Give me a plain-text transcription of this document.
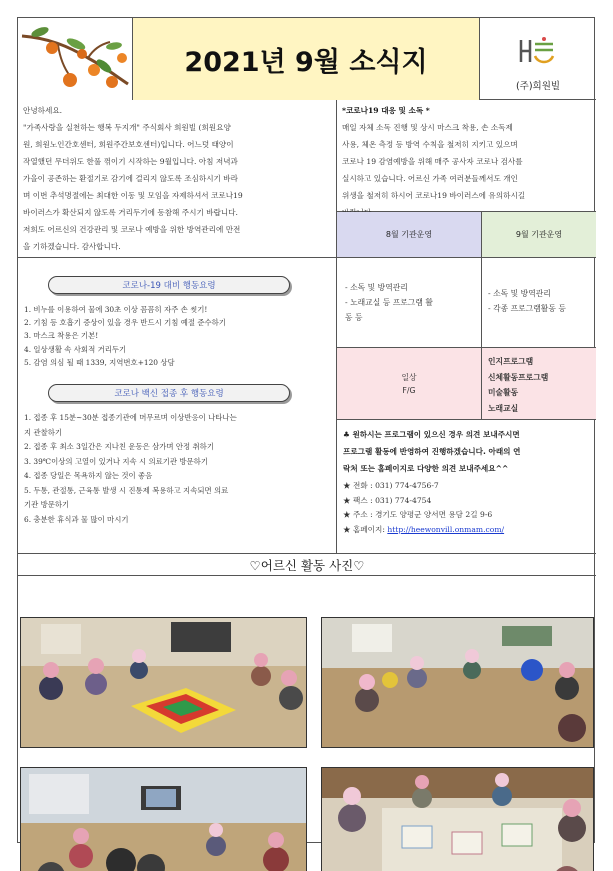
2021년 9월 소식지
(주)희원빌
안녕하세요.
"가족사랑을 실천하는 행복 두지개" 주식회사 희원빌 (희원요양
원, 희원노인간호센터, 희원주간보호센터)입니다. 어느덧 태양이
작열했던 무더위도 한풀 꺾이기 시작하는 9월입니다. 아침 저녁과
가을이 공존하는 환절기로 감기에 걸리지 않도록 조심하시기 바라
며 이번 추석명절에는 최대한 이동 및 모임을 자제하셔서 코로나19
바이러스가 확산되지 않도록 거리두기에 동참해 주시기 바랍니다.
저희도 어르신의 건강관리 및 코로나 예방을 위한 방역관리에 만전
을 기하겠습니다. 감사합니다.
*코로나19 대응 및 소독 *
매일 자체 소독 진행 및 상시 마스크 착용, 손 소독제
사용, 체온 측정 등 방역 수칙을 철저히 지키고 있으며
코로나 19 감염예방을 위해 매주 공사자 코로나 검사를
실시하고 있습니다. 어르신 가족 여러분들께서도 개인
위생을 철저히 하시어 코로나19 바이러스에 유의하시길
8월 기관운영	9월 기관운영
코로나-19 대비 행동요령
1. 비누를 이용하여 물에 30초 이상 꼼꼼히 자주 손 씻기!
2. 기침 등 호흡기 증상이 있을 경우 반드시 기침 예절 준수하기
3. 마스크 착용은 기본!
4. 일상생활 속 사회적 거리두기
5. 감염 의심 될 때 1339, 지역번호+120 상담
코로나 백신 접종 후 행동요령
1. 접종 후 15분~30분 접종기관에 머무르며 이상반응이 나타나는
지 관찰하기
2. 접종 후 최소 3일간은 지나친 운동은 삼가며 안정 취하기
3. 39℃이상의 고열이 있거나 지속 시 의료기관 방문하기
4. 접종 당일은 목욕하지 않는 것이 좋음
5. 두통, 관절통, 근육통 발생 시 진통제 복용하고 지속되면 의료
기관 방문하기
6. 충분한 휴식과 물 많이 마시기
- 소독 및 방역관리
- 노래교실 등 프로그램 활
동 등
- 소독 및 방역관리
- 각종 프로그램활동 등
일상
F/G
인지프로그램
신체활동프로그램
미술활동
노래교실
♣ 원하시는 프로그램이 있으신 경우 의견 보내주시면
프로그램 활동에 반영하여 진행하겠습니다. 아래의 연
락처 또는 홈페이지로 다양한 의견 보내주세요^^
★ 전화 : 031) 774-4756-7
★ 팩스 : 031) 774-4754
★ 주소 : 경기도 양평군 양서면 용담 2길 9-6
★ 홈페이지: http://heewonvill.onmam.com/
♡어르신 활동 사진♡
